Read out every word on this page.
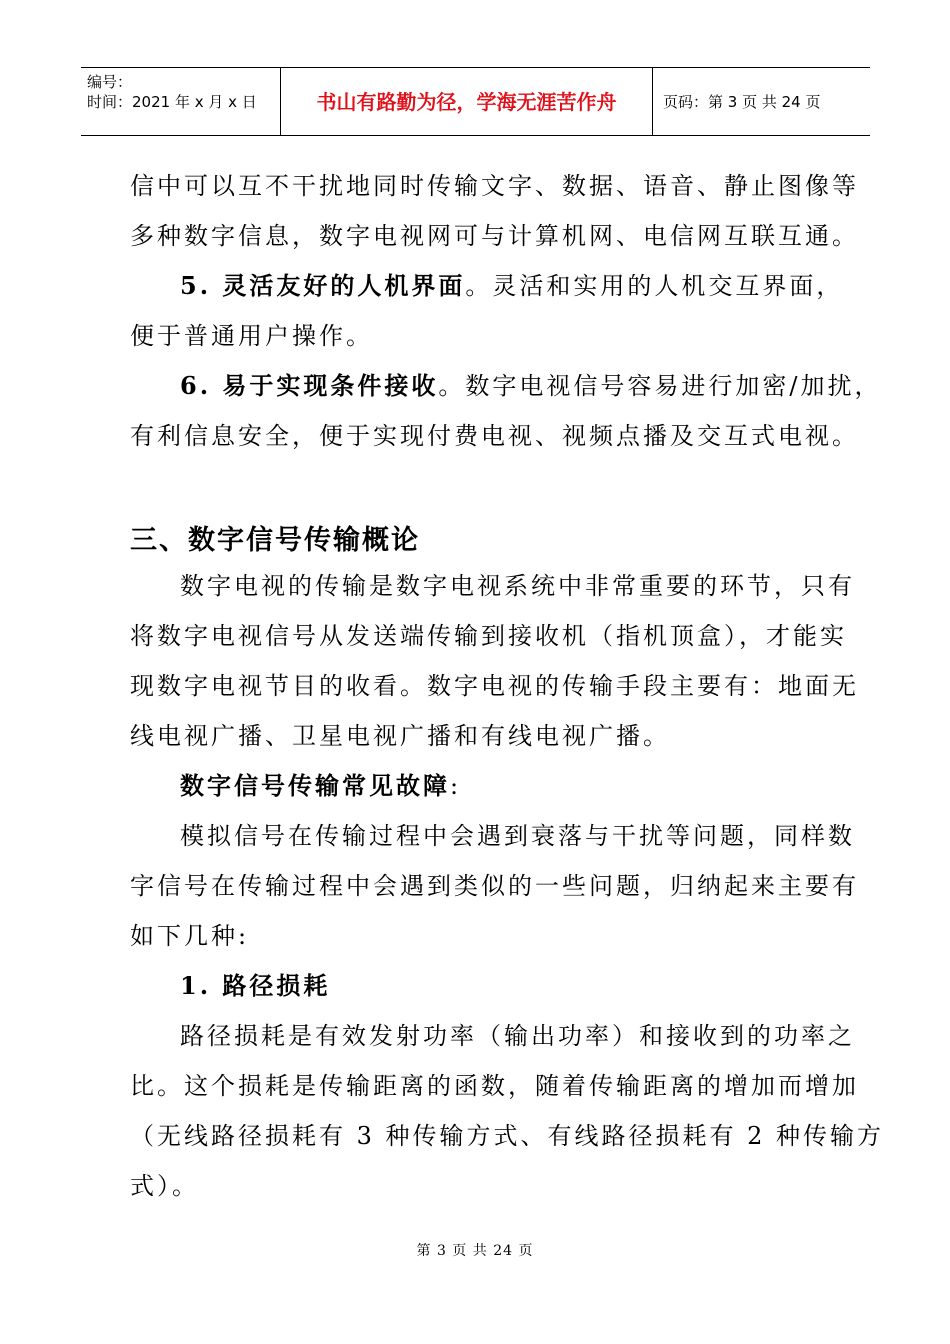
编号：
时间：2021 年 x 月 x 日	书山有路勤为径，学海无涯苦作舟	页码：第 3 页 共 24 页
信中可以互不干扰地同时传输文字、数据、语音、静止图像等
多种数字信息，数字电视网可与计算机网、电信网互联互通。
5. 灵活友好的人机界面。灵活和实用的人机交互界面，
便于普通用户操作。
6. 易于实现条件接收。数字电视信号容易进行加密/加扰，
有利信息安全，便于实现付费电视、视频点播及交互式电视。
三、数字信号传输概论
数字电视的传输是数字电视系统中非常重要的环节，只有
将数字电视信号从发送端传输到接收机（指机顶盒），才能实
现数字电视节目的收看。数字电视的传输手段主要有：地面无
线电视广播、卫星电视广播和有线电视广播。
数字信号传输常见故障:
模拟信号在传输过程中会遇到衰落与干扰等问题，同样数
字信号在传输过程中会遇到类似的一些问题，归纳起来主要有
如下几种:
1. 路径损耗
路径损耗是有效发射功率（输出功率）和接收到的功率之
比。这个损耗是传输距离的函数，随着传输距离的增加而增加
（无线路径损耗有 3 种传输方式、有线路径损耗有 2 种传输方
式）。
第 3 页 共 24 页
